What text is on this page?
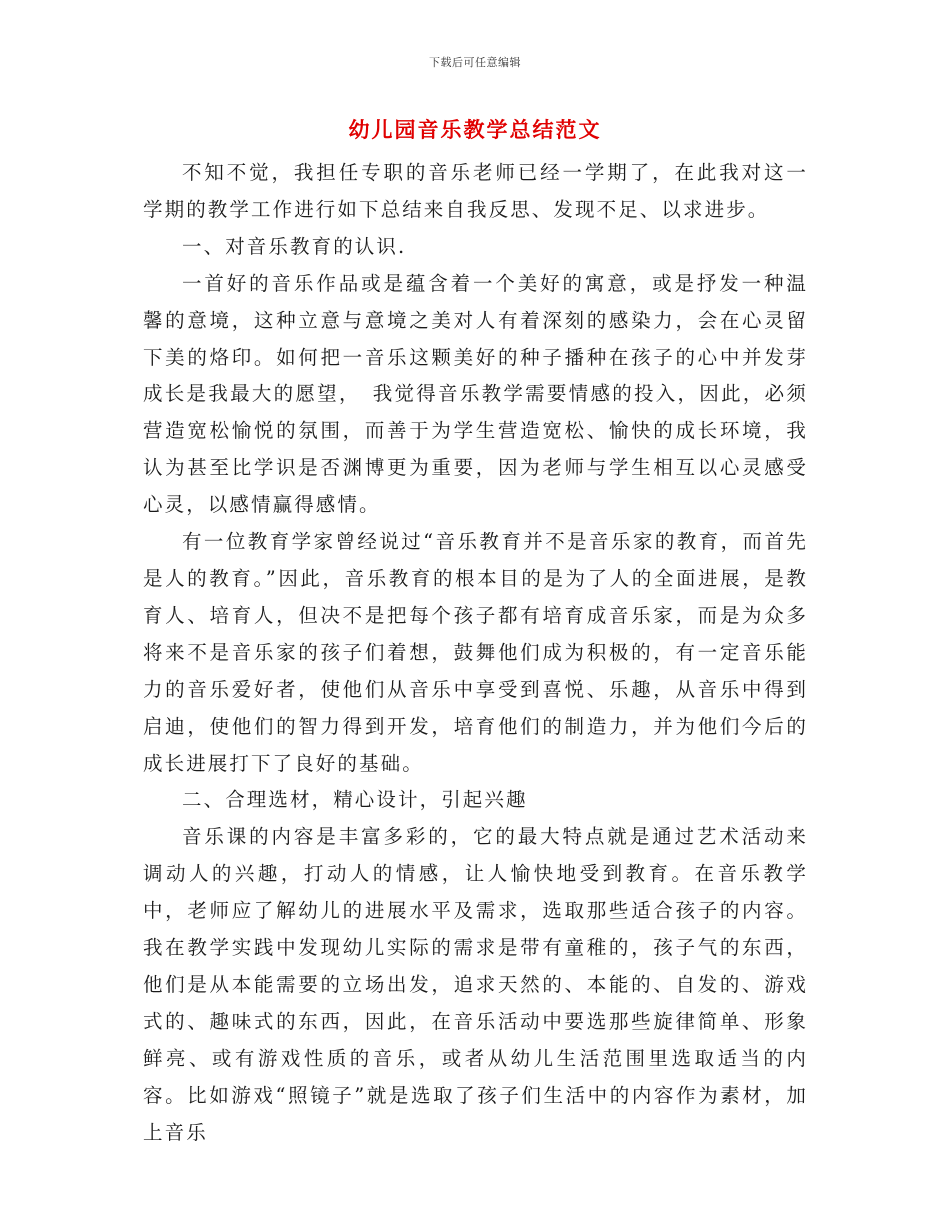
下载后可任意编辑
幼儿园音乐教学总结范文

不知不觉，我担任专职的音乐老师已经一学期了，在此我对这一学期的教学工作进行如下总结来自我反思、发现不足、以求进步。

一、对音乐教育的认识.

一首好的音乐作品或是蕴含着一个美好的寓意，或是抒发一种温馨的意境，这种立意与意境之美对人有着深刻的感染力，会在心灵留下美的烙印。如何把一音乐这颗美好的种子播种在孩子的心中并发芽成长是我最大的愿望，　我觉得音乐教学需要情感的投入，因此，必须营造宽松愉悦的氛围，而善于为学生营造宽松、愉快的成长环境，我认为甚至比学识是否渊博更为重要，因为老师与学生相互以心灵感受心灵，以感情赢得感情。

有一位教育学家曾经说过“音乐教育并不是音乐家的教育，而首先是人的教育。”因此，音乐教育的根本目的是为了人的全面进展，是教育人、培育人，但决不是把每个孩子都有培育成音乐家，而是为众多将来不是音乐家的孩子们着想，鼓舞他们成为积极的，有一定音乐能力的音乐爱好者，使他们从音乐中享受到喜悦、乐趣，从音乐中得到启迪，使他们的智力得到开发，培育他们的制造力，并为他们今后的成长进展打下了良好的基础。

二、合理选材，精心设计，引起兴趣

音乐课的内容是丰富多彩的，它的最大特点就是通过艺术活动来调动人的兴趣，打动人的情感，让人愉快地受到教育。在音乐教学中，老师应了解幼儿的进展水平及需求，选取那些适合孩子的内容。我在教学实践中发现幼儿实际的需求是带有童稚的，孩子气的东西，他们是从本能需要的立场出发，追求天然的、本能的、自发的、游戏式的、趣味式的东西，因此，在音乐活动中要选那些旋律简单、形象鲜亮、或有游戏性质的音乐，或者从幼儿生活范围里选取适当的内容。比如游戏“照镜子”就是选取了孩子们生活中的内容作为素材，加上音乐
